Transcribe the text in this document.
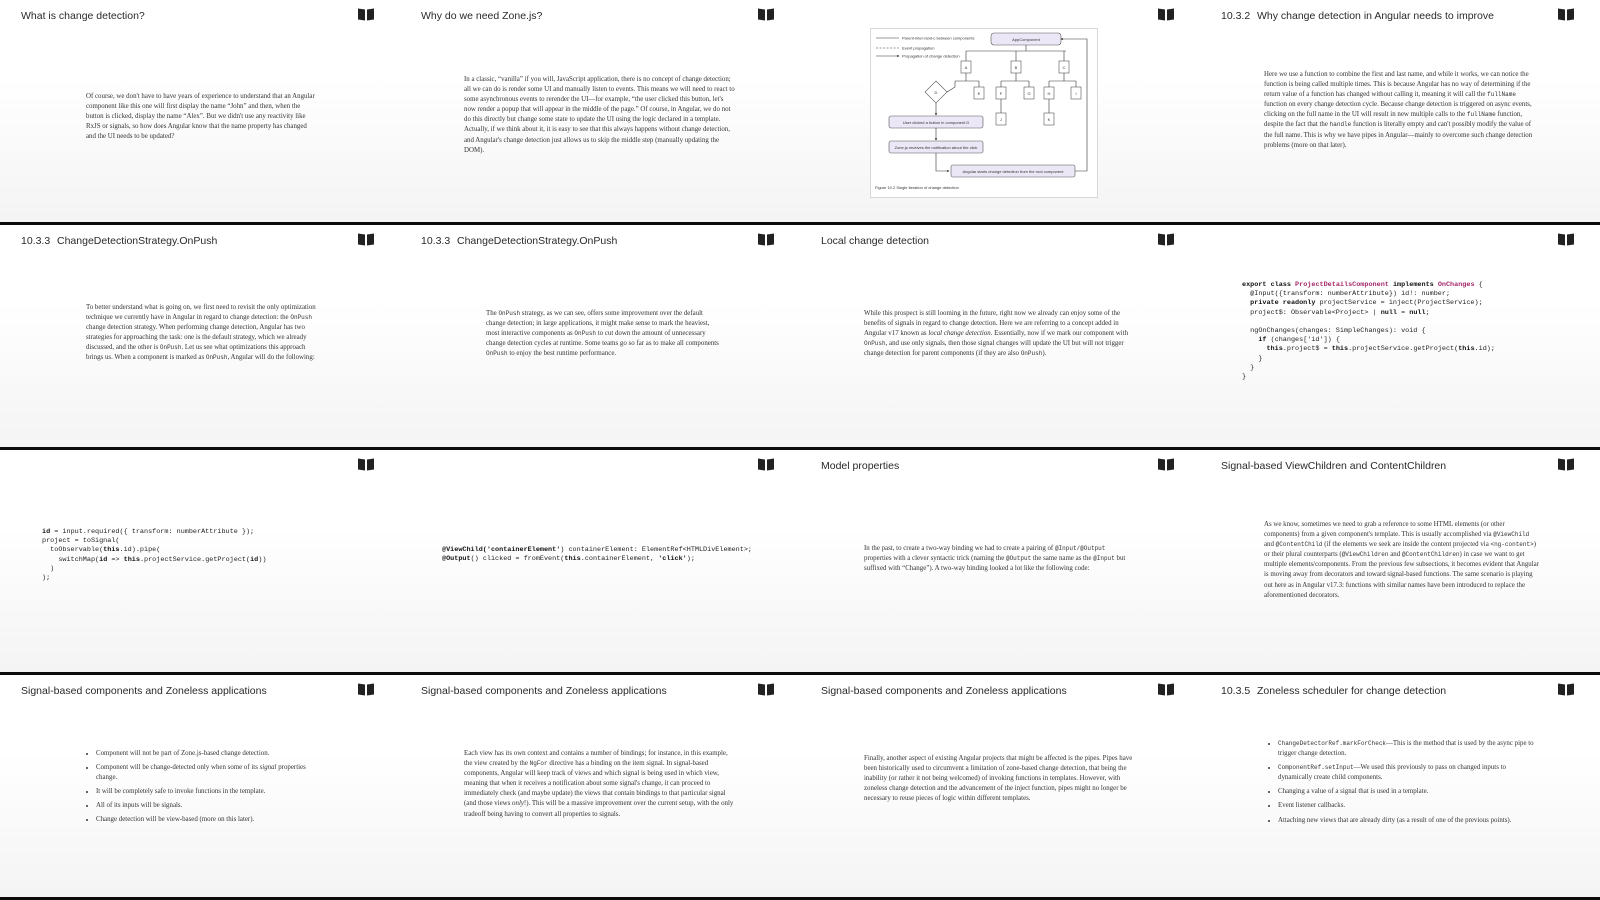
What is change detection?
Of course, we don't have to have years of experience to understand that an Angular component like this one will first display the name “John” and then, when the button is clicked, display the name “Alex”. But we didn't use any reactivity like RxJS or signals, so how does Angular know that the name property has changed and the UI needs to be updated?
Why do we need Zone.js?
In a classic, “vanilla” if you will, JavaScript application, there is no concept of change detection; all we can do is render some UI and manually listen to events. This means we will need to react to some asynchronous events to rerender the UI—for example, “the user clicked this button, let's now render a popup that will appear in the middle of the page.” Of course, in Angular, we do not do this directly but change some state to update the UI using the logic declared in a template. Actually, if we think about it, it is easy to see that this always happens without change detection, and Angular's change detection just allows us to skip the middle step (manually updating the DOM).
Parent-inter-/and-c between components
Event propagation
Propagation of change detection
AppComponent
A	B	C
D	E	F	G	H	I
J	K
User clicked a button in component D
Zone.js receives the notification about the click
Angular starts change detection from the root component
Figure 10.2 Single iteration of change detection
10.3.2 Why change detection in Angular needs to improve
Here we use a function to combine the first and last name, and while it works, we can notice the function is being called multiple times. This is because Angular has no way of determining if the return value of a function has changed without calling it, meaning it will call the fullName function on every change detection cycle. Because change detection is triggered on async events, clicking on the full name in the UI will result in new multiple calls to the fullName function, despite the fact that the handle function is literally empty and can't possibly modify the value of the full name. This is why we have pipes in Angular—mainly to overcome such change detection problems (more on that later).
10.3.3 ChangeDetectionStrategy.OnPush
To better understand what is going on, we first need to revisit the only optimization technique we currently have in Angular in regard to change detection: the OnPush change detection strategy. When performing change detection, Angular has two strategies for approaching the task: one is the default strategy, which we already discussed, and the other is OnPush. Let us see what optimizations this approach brings us. When a component is marked as OnPush, Angular will do the following:
10.3.3 ChangeDetectionStrategy.OnPush
The OnPush strategy, as we can see, offers some improvement over the default change detection; in large applications, it might make sense to mark the heaviest, most interactive components as OnPush to cut down the amount of unnecessary change detection cycles at runtime. Some teams go so far as to make all components OnPush to enjoy the best runtime performance.
Local change detection
While this prospect is still looming in the future, right now we already can enjoy some of the benefits of signals in regard to change detection. Here we are referring to a concept added in Angular v17 known as local change detection. Essentially, now if we mark our component with OnPush, and use only signals, then those signal changes will update the UI but will not trigger change detection for parent components (if they are also OnPush).
export class ProjectDetailsComponent implements OnChanges {
@Input({transform: numberAttribute}) id!: number;
private readonly projectService = inject(ProjectService);
project$: Observable<Project> | null = null;

ngOnChanges(changes: SimpleChanges): void {
if (changes['id']) {
this.project$ = this.projectService.getProject(this.id);
}
}
}
id = input.required({ transform: numberAttribute });
project = toSignal(
toObservable(this.id).pipe(
switchMap(id => this.projectService.getProject(id))
)
);
@ViewChild('containerElement') containerElement: ElementRef<HTMLDivElement>;
@Output() clicked = fromEvent(this.containerElement, 'click');
Model properties
In the past, to create a two-way binding we had to create a pairing of @Input/@Output properties with a clever syntactic trick (naming the @Output the same name as the @Input but suffixed with “Change”). A two-way binding looked a lot like the following code:
Signal-based ViewChildren and ContentChildren
As we know, sometimes we need to grab a reference to some HTML elements (or other components) from a given component's template. This is usually accomplished via @ViewChild and @ContentChild (if the elements we seek are inside the content projected via <ng-content>) or their plural counterparts (@ViewChildren and @ContentChildren) in case we want to get multiple elements/components. From the previous few subsections, it becomes evident that Angular is moving away from decorators and toward signal-based functions. The same scenario is playing out here as in Angular v17.3: functions with similar names have been introduced to replace the aforementioned decorators.
Signal-based components and Zoneless applications
• Component will not be part of Zone.js-based change detection.
• Component will be change-detected only when some of its signal properties change.
• It will be completely safe to invoke functions in the template.
• All of its inputs will be signals.
• Change detection will be view-based (more on this later).
Signal-based components and Zoneless applications
Each view has its own context and contains a number of bindings; for instance, in this example, the view created by the NgFor directive has a binding on the item signal. In signal-based components, Angular will keep track of views and which signal is being used in which view, meaning that when it receives a notification about some signal's change, it can proceed to immediately check (and maybe update) the views that contain bindings to that particular signal (and those views only!). This will be a massive improvement over the current setup, with the only tradeoff being having to convert all properties to signals.
Signal-based components and Zoneless applications
Finally, another aspect of existing Angular projects that might be affected is the pipes. Pipes have been historically used to circumvent a limitation of zone-based change detection, that being the inability (or rather it not being welcomed) of invoking functions in templates. However, with zoneless change detection and the advancement of the inject function, pipes might no longer be necessary to reuse pieces of logic within different templates.
10.3.5 Zoneless scheduler for change detection
• ChangeDetectorRef.markForCheck—This is the method that is used by the async pipe to trigger change detection.
• ComponentRef.setInput—We used this previously to pass on changed inputs to dynamically create child components.
• Changing a value of a signal that is used in a template.
• Event listener callbacks.
• Attaching new views that are already dirty (as a result of one of the previous points).
